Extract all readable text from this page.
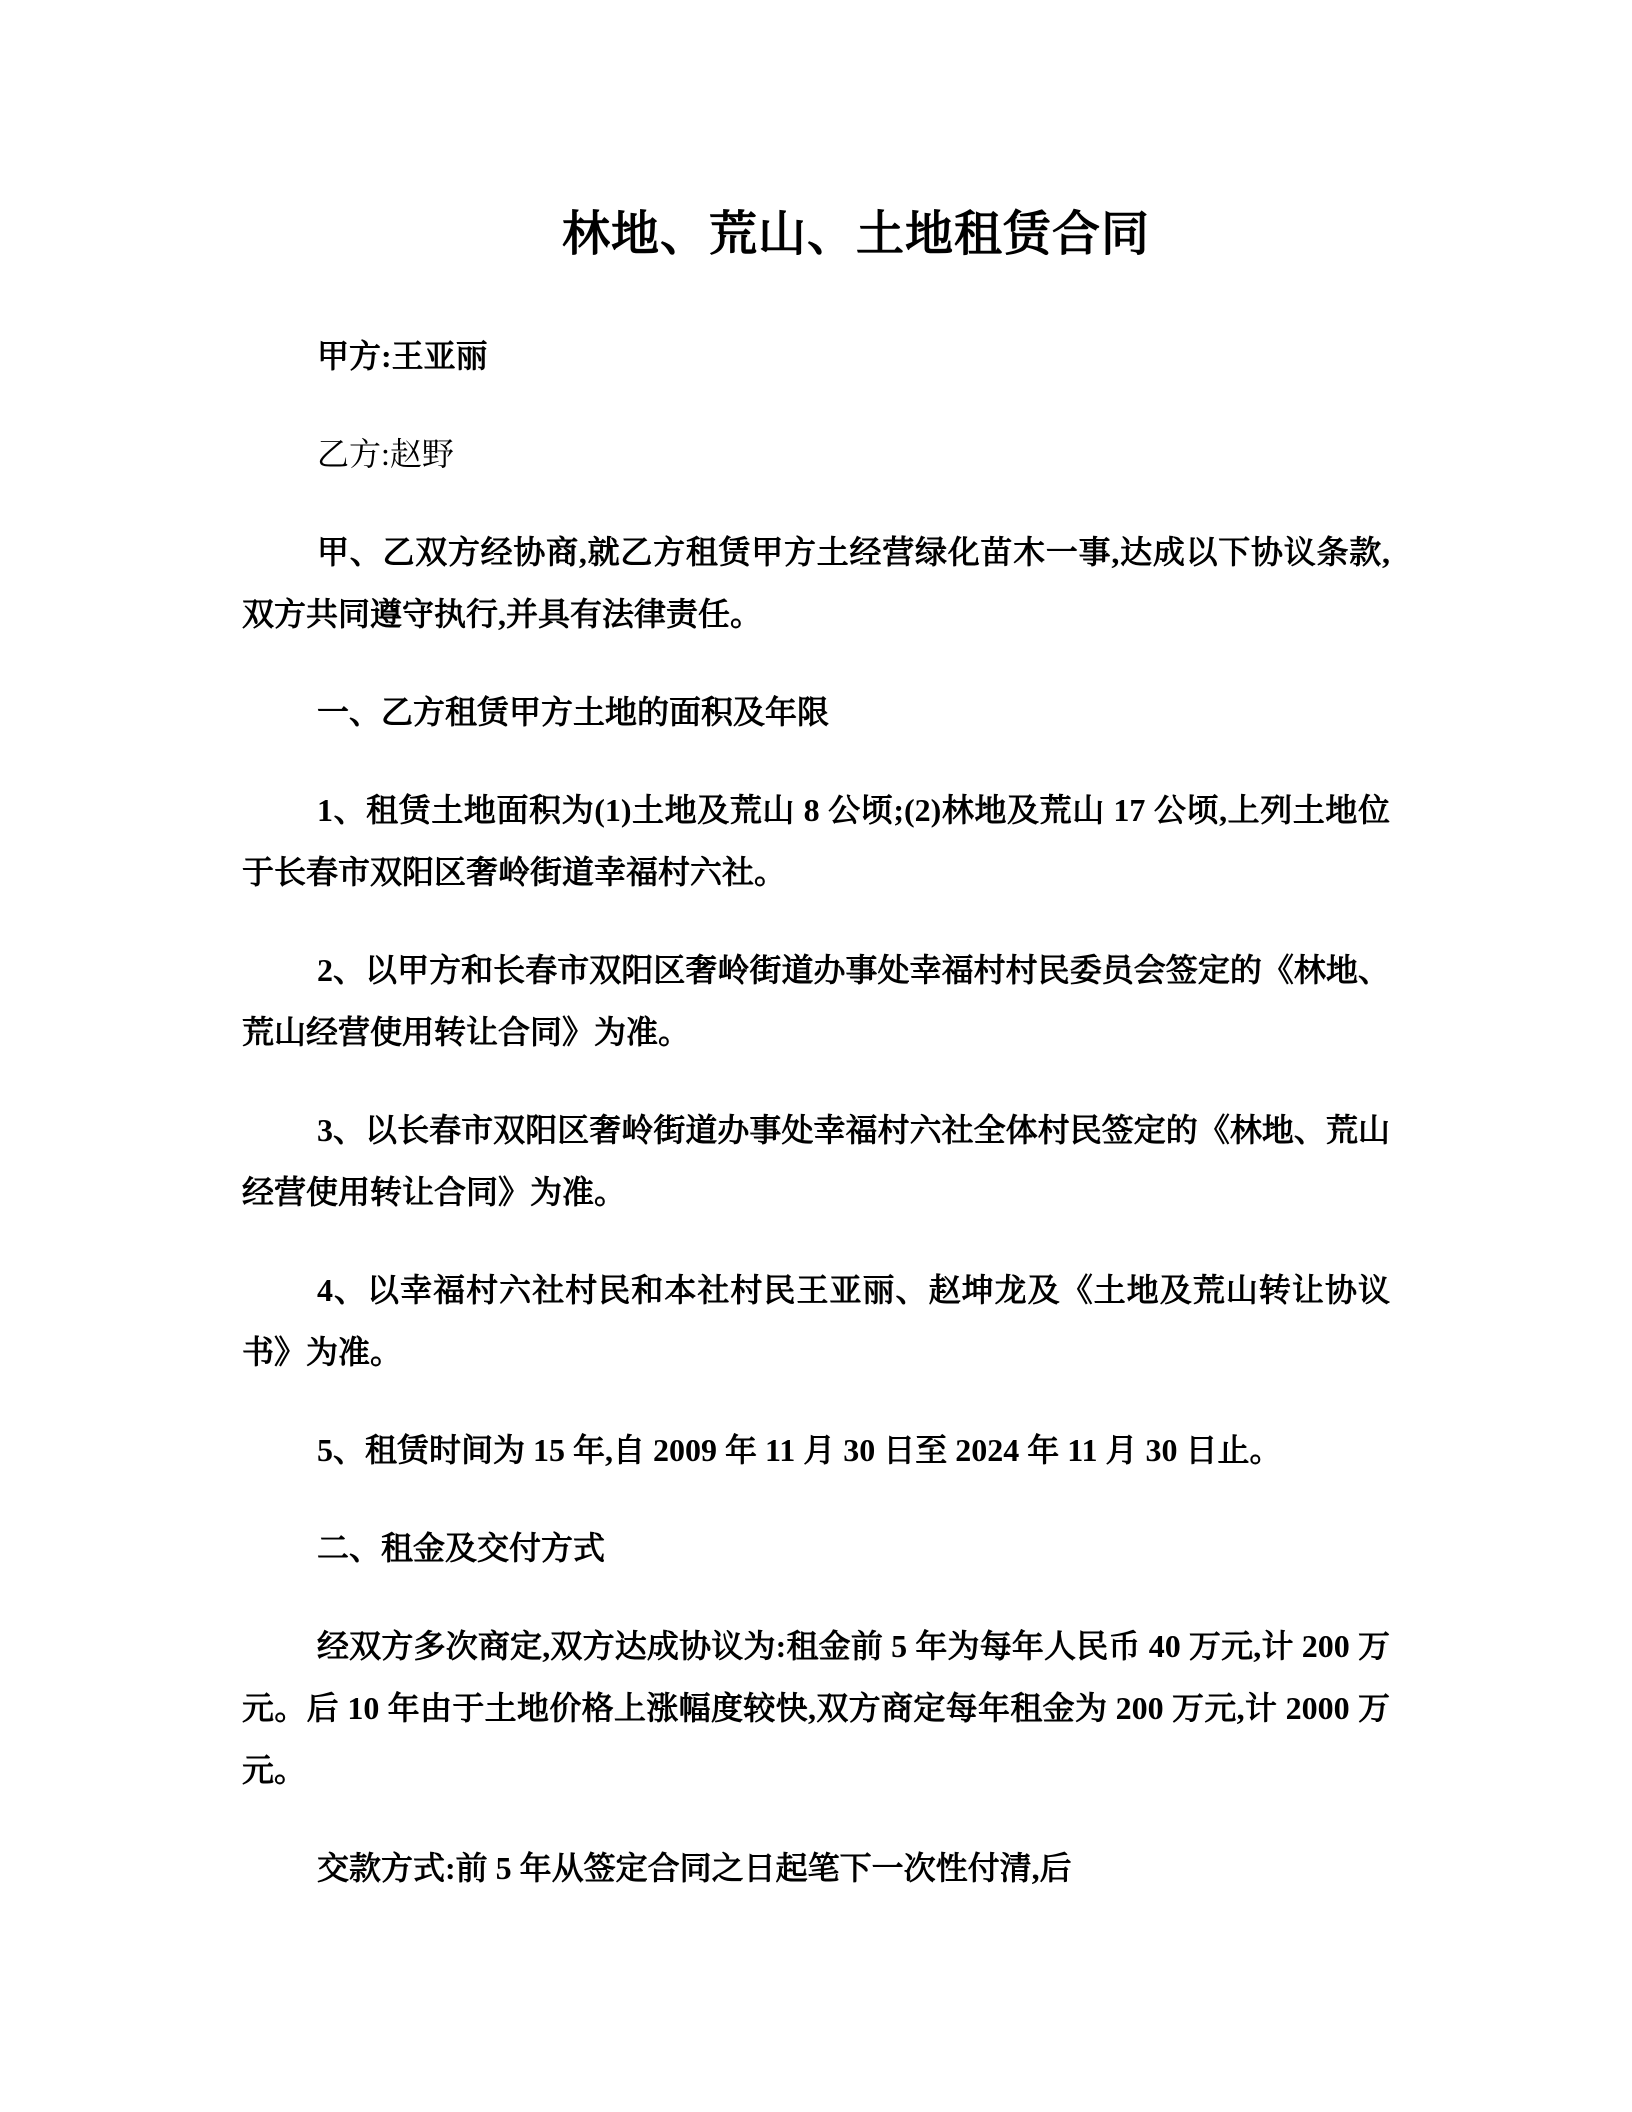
林地、荒山、土地租赁合同

甲方:王亚丽

乙方:赵野

甲、乙双方经协商,就乙方租赁甲方土经营绿化苗木一事,达成以下协议条款,双方共同遵守执行,并具有法律责任。

一、乙方租赁甲方土地的面积及年限

1、租赁土地面积为(1)土地及荒山 8 公顷;(2)林地及荒山 17 公顷,上列土地位于长春市双阳区奢岭街道幸福村六社。

2、以甲方和长春市双阳区奢岭街道办事处幸福村村民委员会签定的《林地、荒山经营使用转让合同》为准。

3、以长春市双阳区奢岭街道办事处幸福村六社全体村民签定的《林地、荒山经营使用转让合同》为准。

4、以幸福村六社村民和本社村民王亚丽、赵坤龙及《土地及荒山转让协议书》为准。

5、租赁时间为 15 年,自 2009 年 11 月 30 日至 2024 年 11 月 30 日止。

二、租金及交付方式

经双方多次商定,双方达成协议为:租金前 5 年为每年人民币 40 万元,计 200 万元。后 10 年由于土地价格上涨幅度较快,双方商定每年租金为 200 万元,计 2000 万元。

交款方式:前 5 年从签定合同之日起笔下一次性付清,后
